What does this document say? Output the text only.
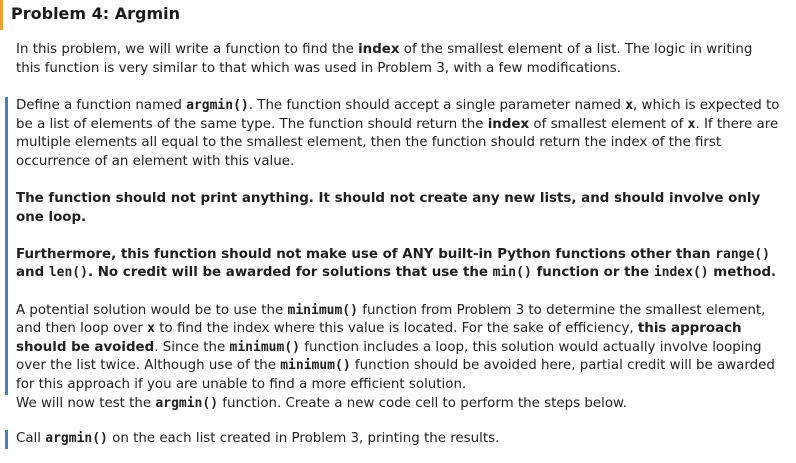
Problem 4: Argmin

In this problem, we will write a function to find the index of the smallest element of a list. The logic in writing this function is very similar to that which was used in Problem 3, with a few modifications.

Define a function named argmin(). The function should accept a single parameter named x, which is expected to be a list of elements of the same type. The function should return the index of smallest element of x. If there are multiple elements all equal to the smallest element, then the function should return the index of the first occurrence of an element with this value.

The function should not print anything. It should not create any new lists, and should involve only one loop.

Furthermore, this function should not make use of ANY built-in Python functions other than range() and len(). No credit will be awarded for solutions that use the min() function or the index() method.

A potential solution would be to use the minimum() function from Problem 3 to determine the smallest element, and then loop over x to find the index where this value is located. For the sake of efficiency, this approach should be avoided. Since the minimum() function includes a loop, this solution would actually involve looping over the list twice. Although use of the minimum() function should be avoided here, partial credit will be awarded for this approach if you are unable to find a more efficient solution.

We will now test the argmin() function. Create a new code cell to perform the steps below.

Call argmin() on the each list created in Problem 3, printing the results.
